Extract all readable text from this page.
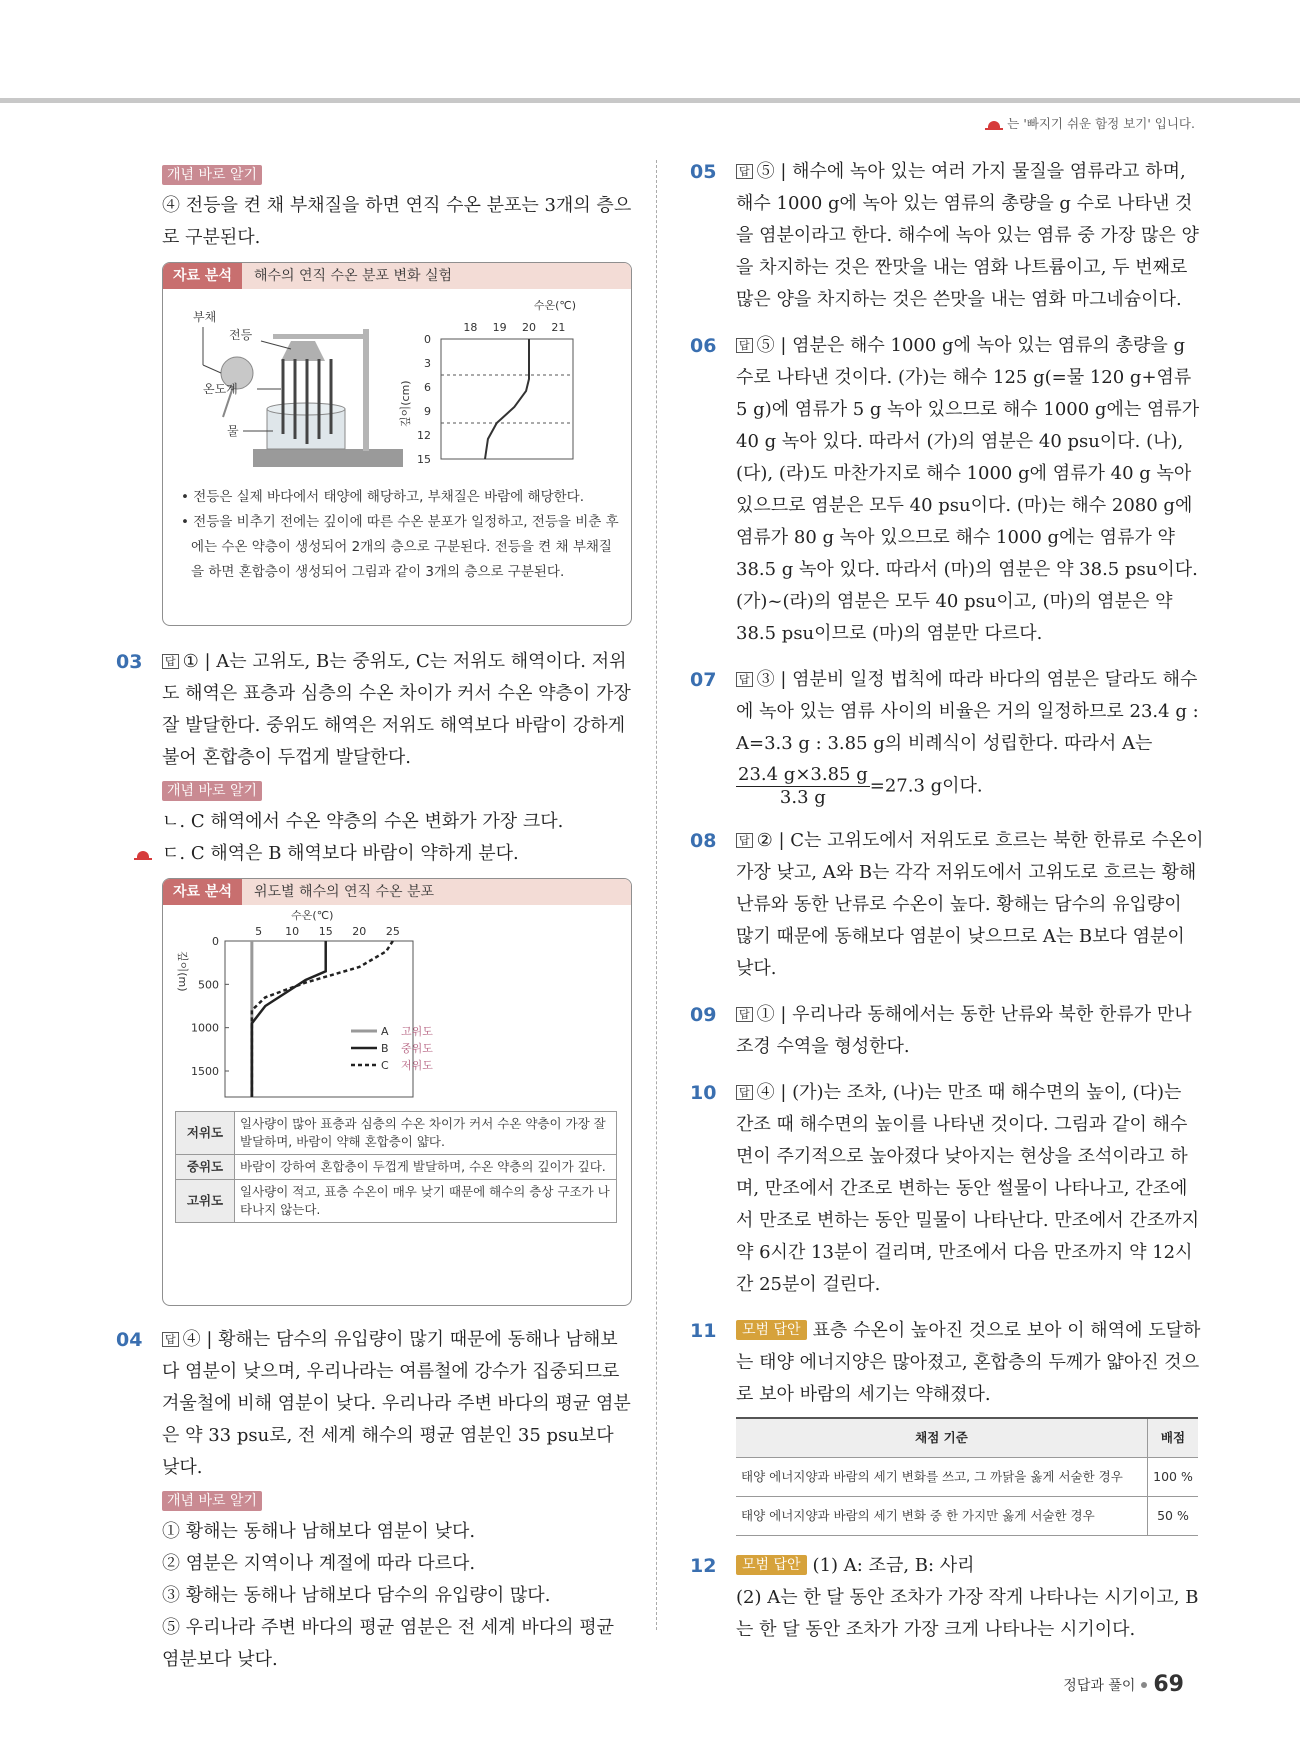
는 '빠지기 쉬운 함정 보기' 입니다.
개념 바로 알기

④ 전등을 켠 채 부채질을 하면 연직 수온 분포는 3개의 층으로 구분된다.

자료 분석	해수의 연직 수온 분포 변화 실험
부채
전등
온도계
물
수온(℃)
18 19 20 21
0
3
6
9
12
15
깊이(cm)
• 전등은 실제 바다에서 태양에 해당하고, 부채질은 바람에 해당한다.
• 전등을 비추기 전에는 깊이에 따른 수온 분포가 일정하고, 전등을 비춘 후에는 수온 약층이 생성되어 2개의 층으로 구분된다. 전등을 켠 채 부채질을 하면 혼합층이 생성되어 그림과 같이 3개의 층으로 구분된다.
03 답 ① | A는 고위도, B는 중위도, C는 저위도 해역이다. 저위도 해역은 표층과 심층의 수온 차이가 커서 수온 약층이 가장 잘 발달한다. 중위도 해역은 저위도 해역보다 바람이 강하게 불어 혼합층이 두껍게 발달한다.

개념 바로 알기

ㄴ. C 해역에서 수온 약층의 수온 변화가 가장 크다.

ㄷ. C 해역은 B 해역보다 바람이 약하게 분다.

자료 분석	위도별 해수의 연직 수온 분포
수온(℃)
5 10 15 20 25
0
500
1000
1500
깊이(m)
A 고위도
B 중위도
C 저위도
저위도	일사량이 많아 표층과 심층의 수온 차이가 커서 수온 약층이 가장 잘 발달하며, 바람이 약해 혼합층이 얇다.
중위도	바람이 강하여 혼합층이 두껍게 발달하며, 수온 약층의 깊이가 깊다.
고위도	일사량이 적고, 표층 수온이 매우 낮기 때문에 해수의 층상 구조가 나타나지 않는다.
04 답 ④ | 황해는 담수의 유입량이 많기 때문에 동해나 남해보다 염분이 낮으며, 우리나라는 여름철에 강수가 집중되므로 겨울철에 비해 염분이 낮다. 우리나라 주변 바다의 평균 염분은 약 33 psu로, 전 세계 해수의 평균 염분인 35 psu보다 낮다.

개념 바로 알기

① 황해는 동해나 남해보다 염분이 낮다.

② 염분은 지역이나 계절에 따라 다르다.

③ 황해는 동해나 남해보다 담수의 유입량이 많다.

⑤ 우리나라 주변 바다의 평균 염분은 전 세계 바다의 평균 염분보다 낮다.

05 답 ⑤ | 해수에 녹아 있는 여러 가지 물질을 염류라고 하며, 해수 1000 g에 녹아 있는 염류의 총량을 g 수로 나타낸 것을 염분이라고 한다. 해수에 녹아 있는 염류 중 가장 많은 양을 차지하는 것은 짠맛을 내는 염화 나트륨이고, 두 번째로 많은 양을 차지하는 것은 쓴맛을 내는 염화 마그네슘이다.

06 답 ⑤ | 염분은 해수 1000 g에 녹아 있는 염류의 총량을 g 수로 나타낸 것이다. (가)는 해수 125 g(=물 120 g+염류 5 g)에 염류가 5 g 녹아 있으므로 해수 1000 g에는 염류가 40 g 녹아 있다. 따라서 (가)의 염분은 40 psu이다. (나), (다), (라)도 마찬가지로 해수 1000 g에 염류가 40 g 녹아 있으므로 염분은 모두 40 psu이다. (마)는 해수 2080 g에 염류가 80 g 녹아 있으므로 해수 1000 g에는 염류가 약 38.5 g 녹아 있다. 따라서 (마)의 염분은 약 38.5 psu이다. (가)~(라)의 염분은 모두 40 psu이고, (마)의 염분은 약 38.5 psu이므로 (마)의 염분만 다르다.

07 답 ③ | 염분비 일정 법칙에 따라 바다의 염분은 달라도 해수에 녹아 있는 염류 사이의 비율은 거의 일정하므로 23.4 g : A=3.3 g : 3.85 g의 비례식이 성립한다. 따라서 A는

$\frac{23.4 g\times 3.85 g}{3.3 g} =27.3$ g이다.

08 답 ② | C는 고위도에서 저위도로 흐르는 북한 한류로 수온이 가장 낮고, A와 B는 각각 저위도에서 고위도로 흐르는 황해 난류와 동한 난류로 수온이 높다. 황해는 담수의 유입량이 많기 때문에 동해보다 염분이 낮으므로 A는 B보다 염분이 낮다.

09 답 ① | 우리나라 동해에서는 동한 난류와 북한 한류가 만나 조경 수역을 형성한다.

10 답 ④ | (가)는 조차, (나)는 만조 때 해수면의 높이, (다)는 간조 때 해수면의 높이를 나타낸 것이다. 그림과 같이 해수면이 주기적으로 높아졌다 낮아지는 현상을 조석이라고 하며, 만조에서 간조로 변하는 동안 썰물이 나타나고, 간조에서 만조로 변하는 동안 밀물이 나타난다. 만조에서 간조까지 약 6시간 13분이 걸리며, 만조에서 다음 만조까지 약 12시간 25분이 걸린다.

11	모범 답안 표층 수온이 높아진 것으로 보아 이 해역에 도달하는 태양 에너지양은 많아졌고, 혼합층의 두께가 얇아진 것으로 보아 바람의 세기는 약해졌다.

채점 기준	배점
태양 에너지양과 바람의 세기 변화를 쓰고, 그 까닭을 옳게 서술한 경우	100 %
태양 에너지양과 바람의 세기 변화 중 한 가지만 옳게 서술한 경우	50 %
12	모범 답안 (1) A: 조금, B: 사리

(2) A는 한 달 동안 조차가 가장 작게 나타나는 시기이고, B는 한 달 동안 조차가 가장 크게 나타나는 시기이다.

정답과 풀이 69
